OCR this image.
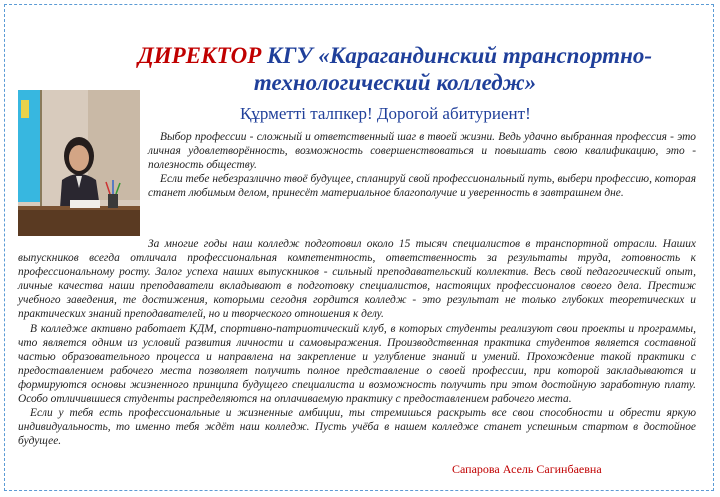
ДИРЕКТОР КГУ «Карагандинский транспортно-технологический колледж»
Құрметті талпкер! Дорогой абитуриент!

Выбор профессии - сложный и ответственный шаг в твоей жизни. Ведь удачно выбранная профессия - это личная удовлетворённость, возможность совершенствоваться и повышать свою квалификацию, это - полезность обществу.

Если тебе небезразлично твоё будущее, спланируй свой профессиональный путь, выбери профессию, которая станет любимым делом, принесёт материальное благополучие и уверенность в завтрашнем дне.

За многие годы наш колледж подготовил около 15 тысяч специалистов в транспортной отрасли. Наших выпускников всегда отличала профессиональная компетентность, ответственность за результаты труда, готовность к профессиональному росту. Залог успеха наших выпускников - сильный преподавательский коллектив. Весь свой педагогический опыт, личные качества наши преподаватели вкладывают в подготовку специалистов, настоящих профессионалов своего дела. Престиж учебного заведения, те достижения, которыми сегодня гордится колледж - это результат не только глубоких теоретических и практических знаний преподавателей, но и творческого отношения к делу.

В колледже активно работает КДМ, спортивно-патриотический клуб, в которых студенты реализуют свои проекты и программы, что является одним из условий развития личности и самовыражения. Производственная практика студентов является составной частью образовательного процесса и направлена на закрепление и углубление знаний и умений. Прохождение такой практики с предоставлением рабочего места позволяет получить полное представление о своей профессии, при которой закладываются и формируются основы жизненного принципа будущего специалиста и возможность получить при этом достойную заработную плату. Особо отличившиеся студенты распределяются на оплачиваемую практику с предоставлением рабочего места.

Если у тебя есть профессиональные и жизненные амбиции, ты стремишься раскрыть все свои способности и обрести яркую индивидуальность, то именно тебя ждёт наш колледж. Пусть учёба в нашем колледже станет успешным стартом в достойное будущее.

Сапарова Асель Сагинбаевна
